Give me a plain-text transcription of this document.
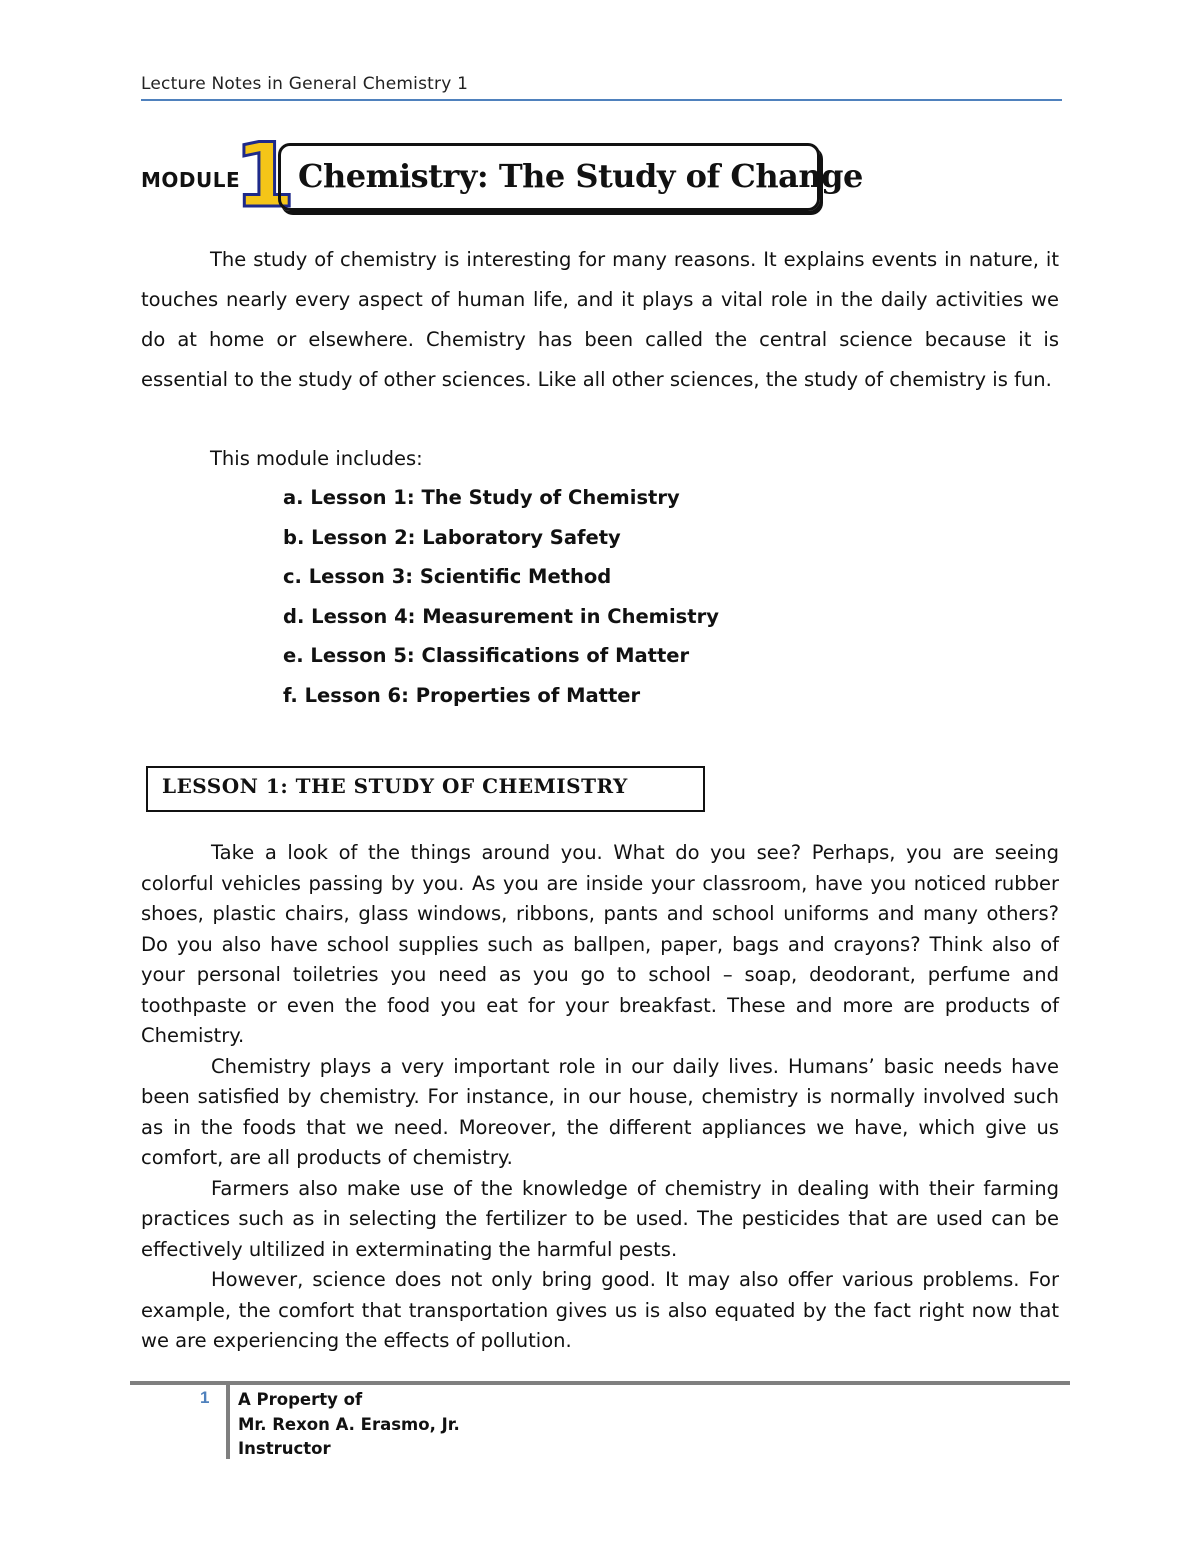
Lecture Notes in General Chemistry 1
MODULE
1 Chemistry: The Study of Change
The study of chemistry is interesting for many reasons. It explains events in nature, it touches nearly every aspect of human life, and it plays a vital role in the daily activities we do at home or elsewhere. Chemistry has been called the central science because it is essential to the study of other sciences. Like all other sciences, the study of chemistry is fun.
This module includes:
a. Lesson 1: The Study of Chemistry
b. Lesson 2: Laboratory Safety
c. Lesson 3: Scientific Method
d. Lesson 4: Measurement in Chemistry
e. Lesson 5: Classifications of Matter
f. Lesson 6: Properties of Matter
LESSON 1: THE STUDY OF CHEMISTRY

Take a look of the things around you. What do you see? Perhaps, you are seeing colorful vehicles passing by you. As you are inside your classroom, have you noticed rubber shoes, plastic chairs, glass windows, ribbons, pants and school uniforms and many others? Do you also have school supplies such as ballpen, paper, bags and crayons? Think also of your personal toiletries you need as you go to school – soap, deodorant, perfume and toothpaste or even the food you eat for your breakfast. These and more are products of Chemistry.

Chemistry plays a very important role in our daily lives. Humans’ basic needs have been satisfied by chemistry. For instance, in our house, chemistry is normally involved such as in the foods that we need. Moreover, the different appliances we have, which give us comfort, are all products of chemistry.

Farmers also make use of the knowledge of chemistry in dealing with their farming practices such as in selecting the fertilizer to be used. The pesticides that are used can be effectively ultilized in exterminating the harmful pests.

However, science does not only bring good. It may also offer various problems. For example, the comfort that transportation gives us is also equated by the fact right now that we are experiencing the effects of pollution.

1 A Property of
Mr. Rexon A. Erasmo, Jr.
Instructor
